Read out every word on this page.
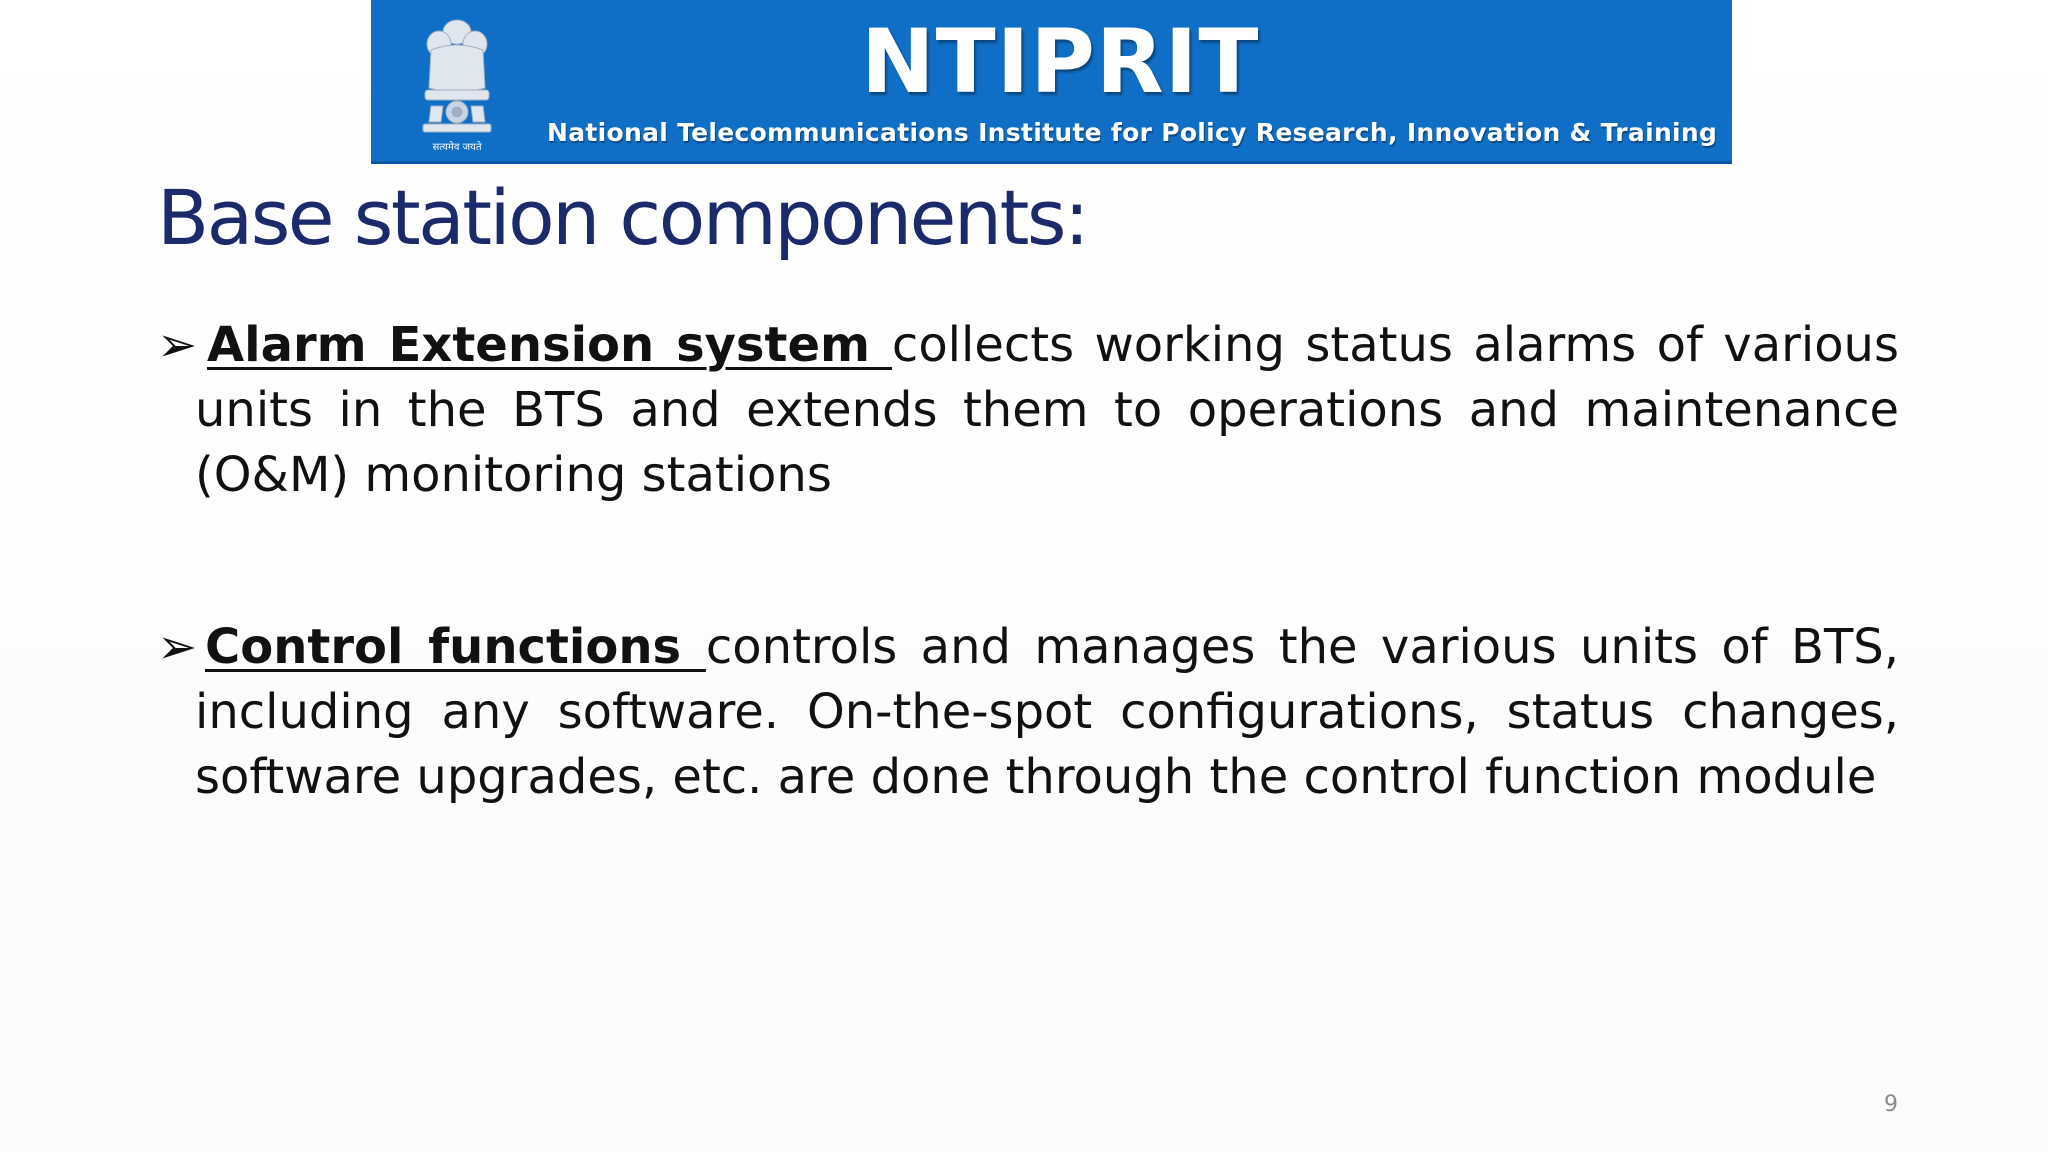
सत्यमेव जयते
NTIPRIT
National Telecommunications Institute for Policy Research, Innovation & Training
Base station components:
➢ Alarm Extension system collects working status alarms of various units in the BTS and extends them to operations and maintenance (O&M) monitoring stations
➢ Control functions controls and manages the various units of BTS, including any software. On-the-spot configurations, status changes, software upgrades, etc. are done through the control function module
9
